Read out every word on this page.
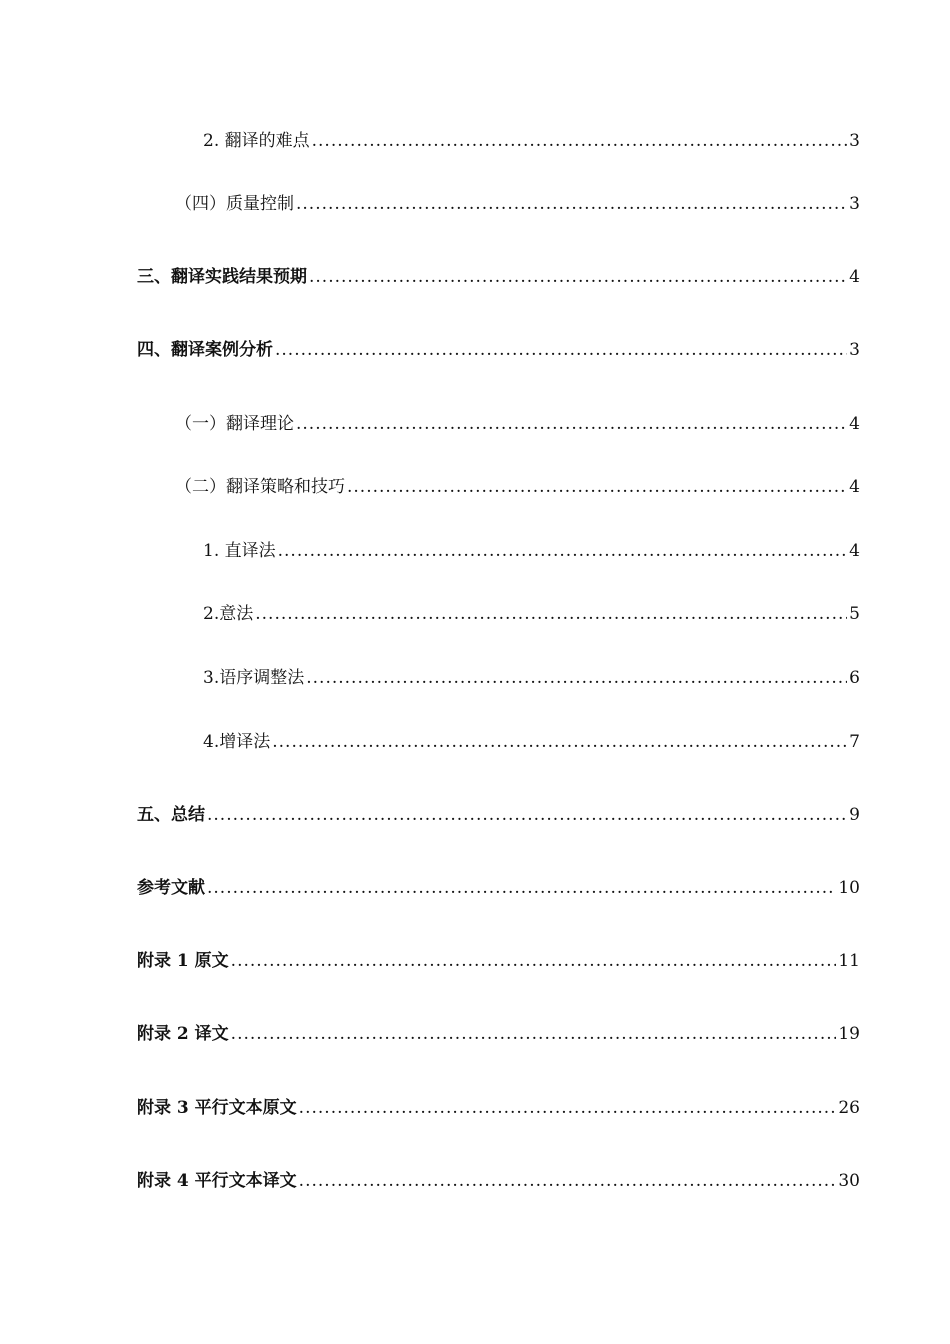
2. 翻译的难点 .....	3
（四）质量控制 .....	3
三、翻译实践结果预期 .....	4
四、翻译案例分析 .....	3
（一）翻译理论 .....	4
（二）翻译策略和技巧 .....	4
1. 直译法 .....	4
2.意法 .....	5
3.语序调整法 .....	6
4.增译法 .....	7
五、总结 .....	9
参考文献 .....	10
附录 1 原文 .....	11
附录 2 译文 .....	19
附录 3 平行文本原文 .....	26
附录 4 平行文本译文 .....	30
